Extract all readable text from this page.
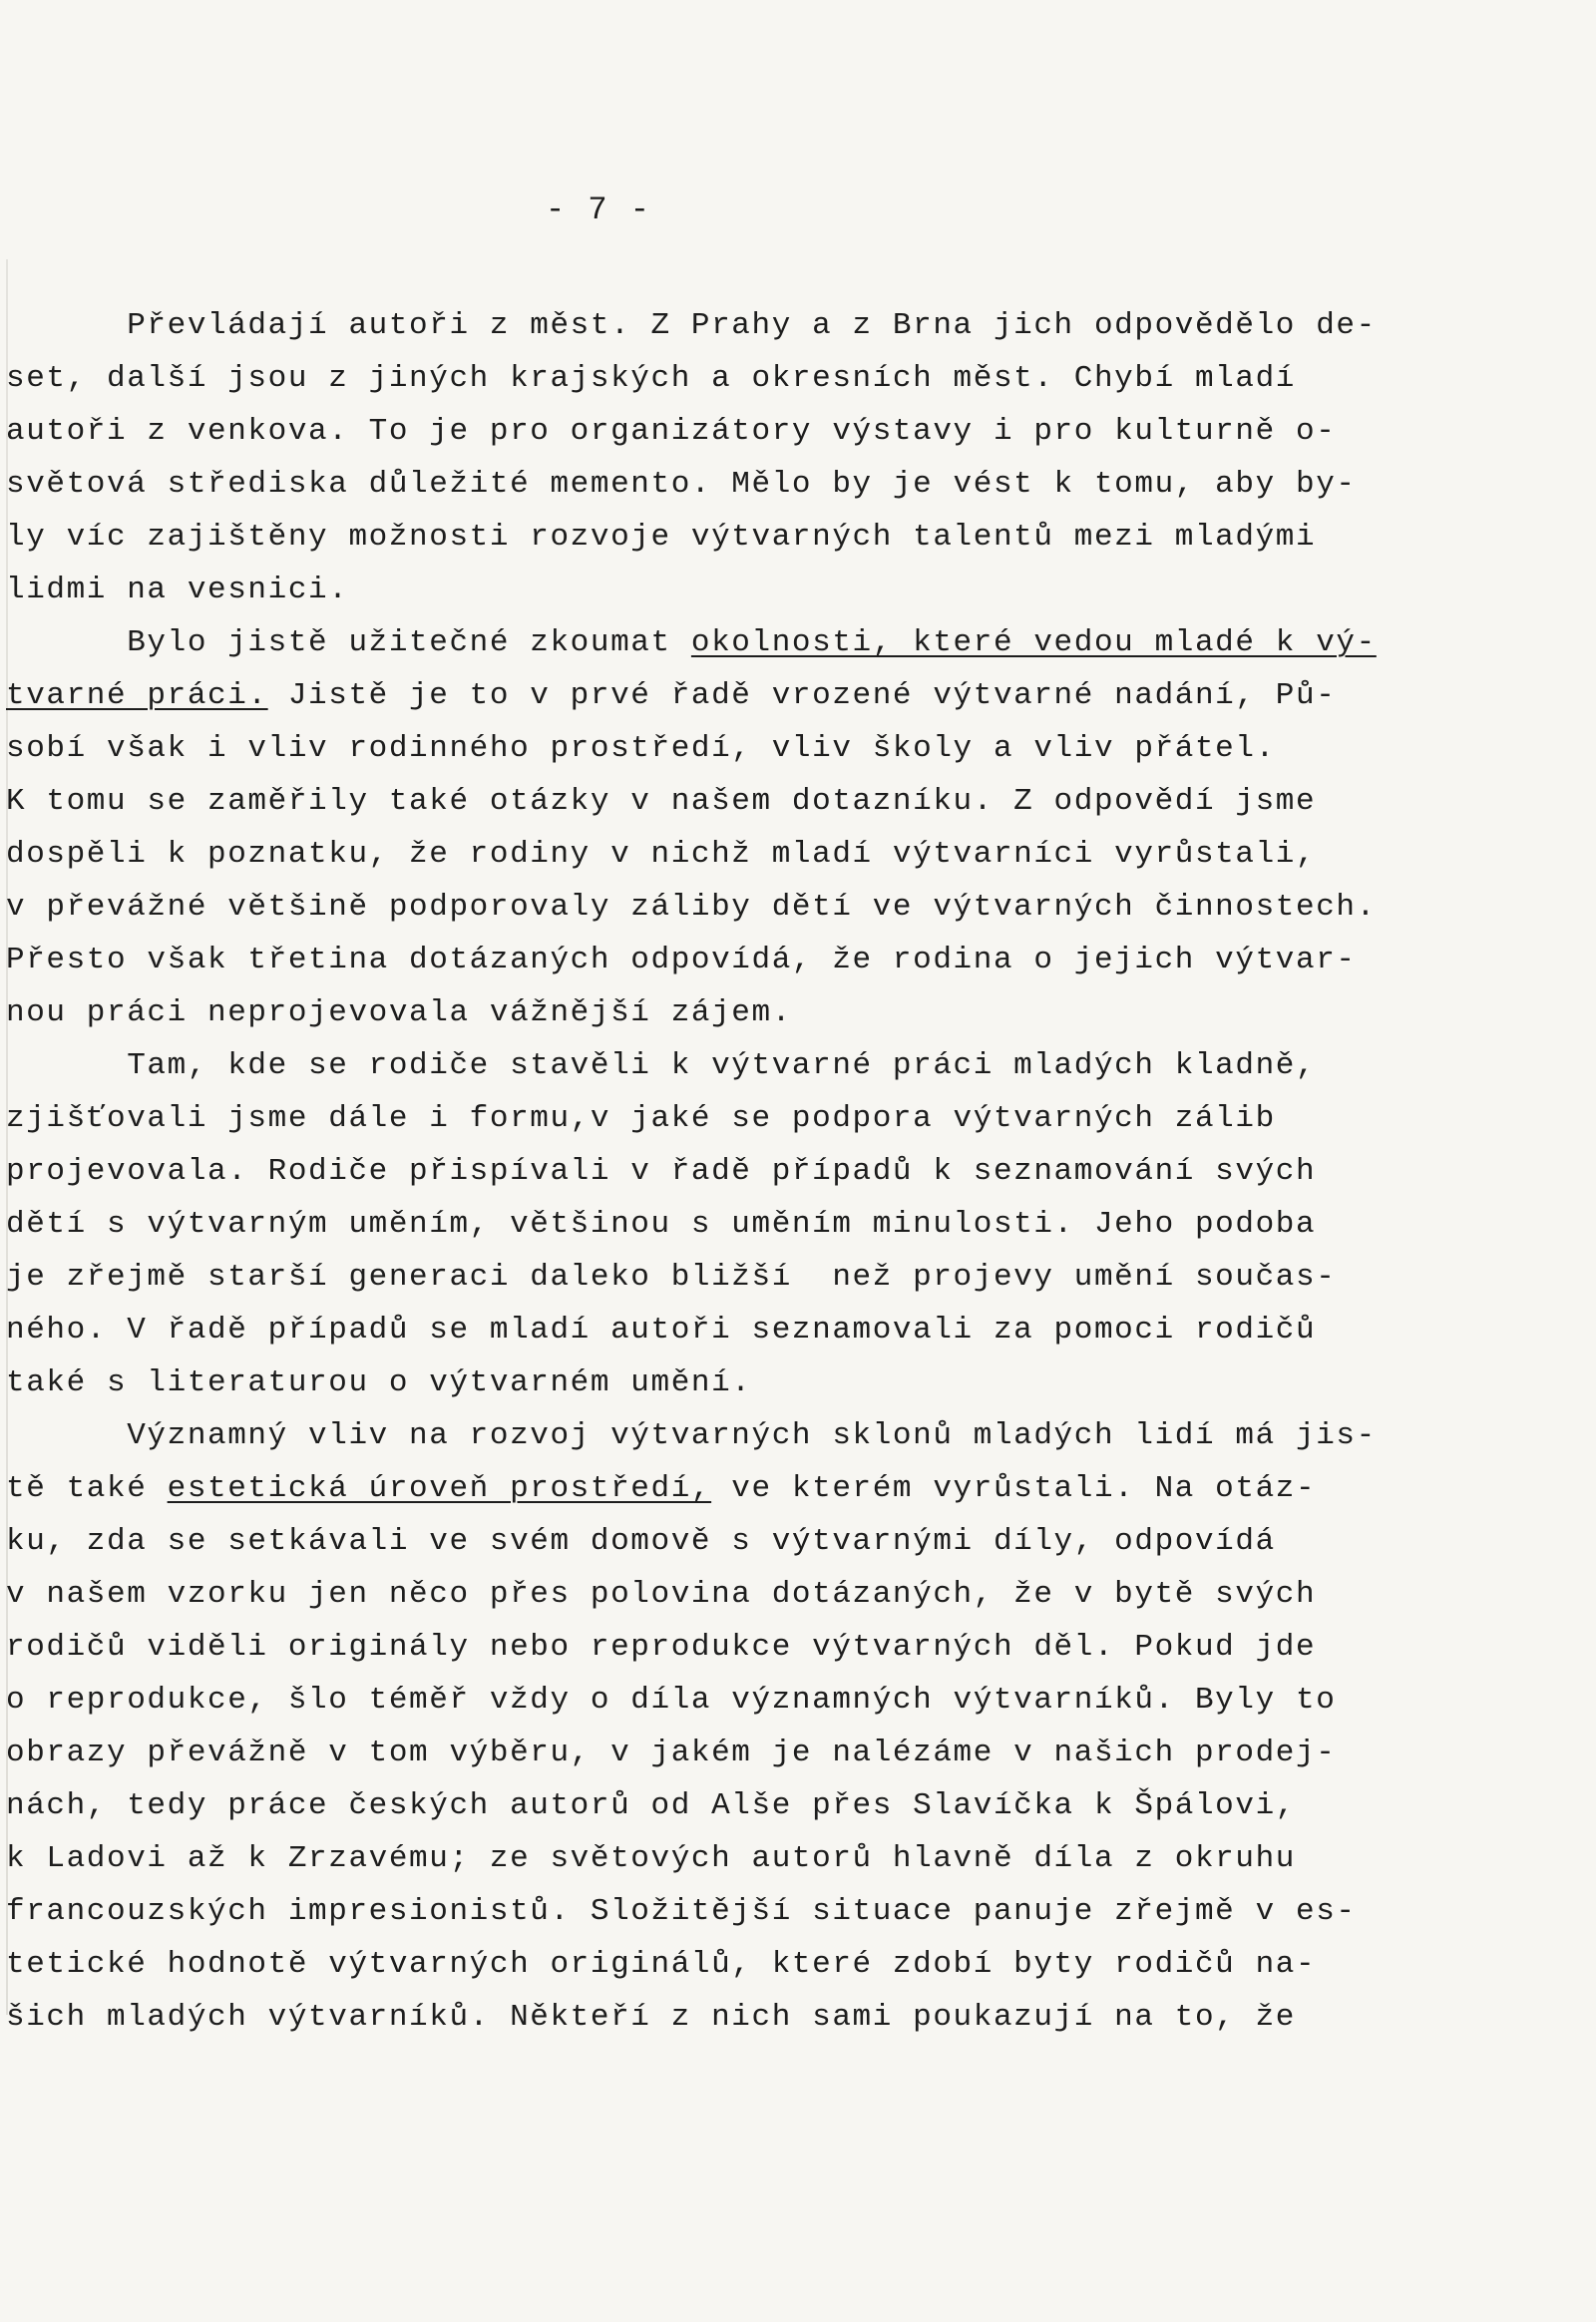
- 7 -
Převládají autoři z měst. Z Prahy a z Brna jich odpovědělo de-
set, další jsou z jiných krajských a okresních měst. Chybí mladí
autoři z venkova. To je pro organizátory výstavy i pro kulturně o-
světová střediska důležité memento. Mělo by je vést k tomu, aby by-
ly víc zajištěny možnosti rozvoje výtvarných talentů mezi mladými
lidmi na vesnici.
Bylo jistě užitečné zkoumat okolnosti, které vedou mladé k vý-
tvarné práci. Jistě je to v prvé řadě vrozené výtvarné nadání, Pů-
sobí však i vliv rodinného prostředí, vliv školy a vliv přátel.
K tomu se zaměřily také otázky v našem dotazníku. Z odpovědí jsme
dospěli k poznatku, že rodiny v nichž mladí výtvarníci vyrůstali,
v převážné většině podporovaly záliby dětí ve výtvarných činnostech.
Přesto však třetina dotázaných odpovídá, že rodina o jejich výtvar-
nou práci neprojevovala vážnější zájem.
Tam, kde se rodiče stavěli k výtvarné práci mladých kladně,
zjišťovali jsme dále i formu,v jaké se podpora výtvarných zálib
projevovala. Rodiče přispívali v řadě případů k seznamování svých
dětí s výtvarným uměním, většinou s uměním minulosti. Jeho podoba
je zřejmě starší generaci daleko bližší  než projevy umění součas-
ného. V řadě případů se mladí autoři seznamovali za pomoci rodičů
také s literaturou o výtvarném umění.
Významný vliv na rozvoj výtvarných sklonů mladých lidí má jis-
tě také estetická úroveň prostředí, ve kterém vyrůstali. Na otáz-
ku, zda se setkávali ve svém domově s výtvarnými díly, odpovídá
v našem vzorku jen něco přes polovina dotázaných, že v bytě svých
rodičů viděli originály nebo reprodukce výtvarných děl. Pokud jde
o reprodukce, šlo téměř vždy o díla významných výtvarníků. Byly to
obrazy převážně v tom výběru, v jakém je nalézáme v našich prodej-
nách, tedy práce českých autorů od Alše přes Slavíčka k Špálovi,
k Ladovi až k Zrzavému; ze světových autorů hlavně díla z okruhu
francouzských impresionistů. Složitější situace panuje zřejmě v es-
tetické hodnotě výtvarných originálů, které zdobí byty rodičů na-
šich mladých výtvarníků. Někteří z nich sami poukazují na to, že
